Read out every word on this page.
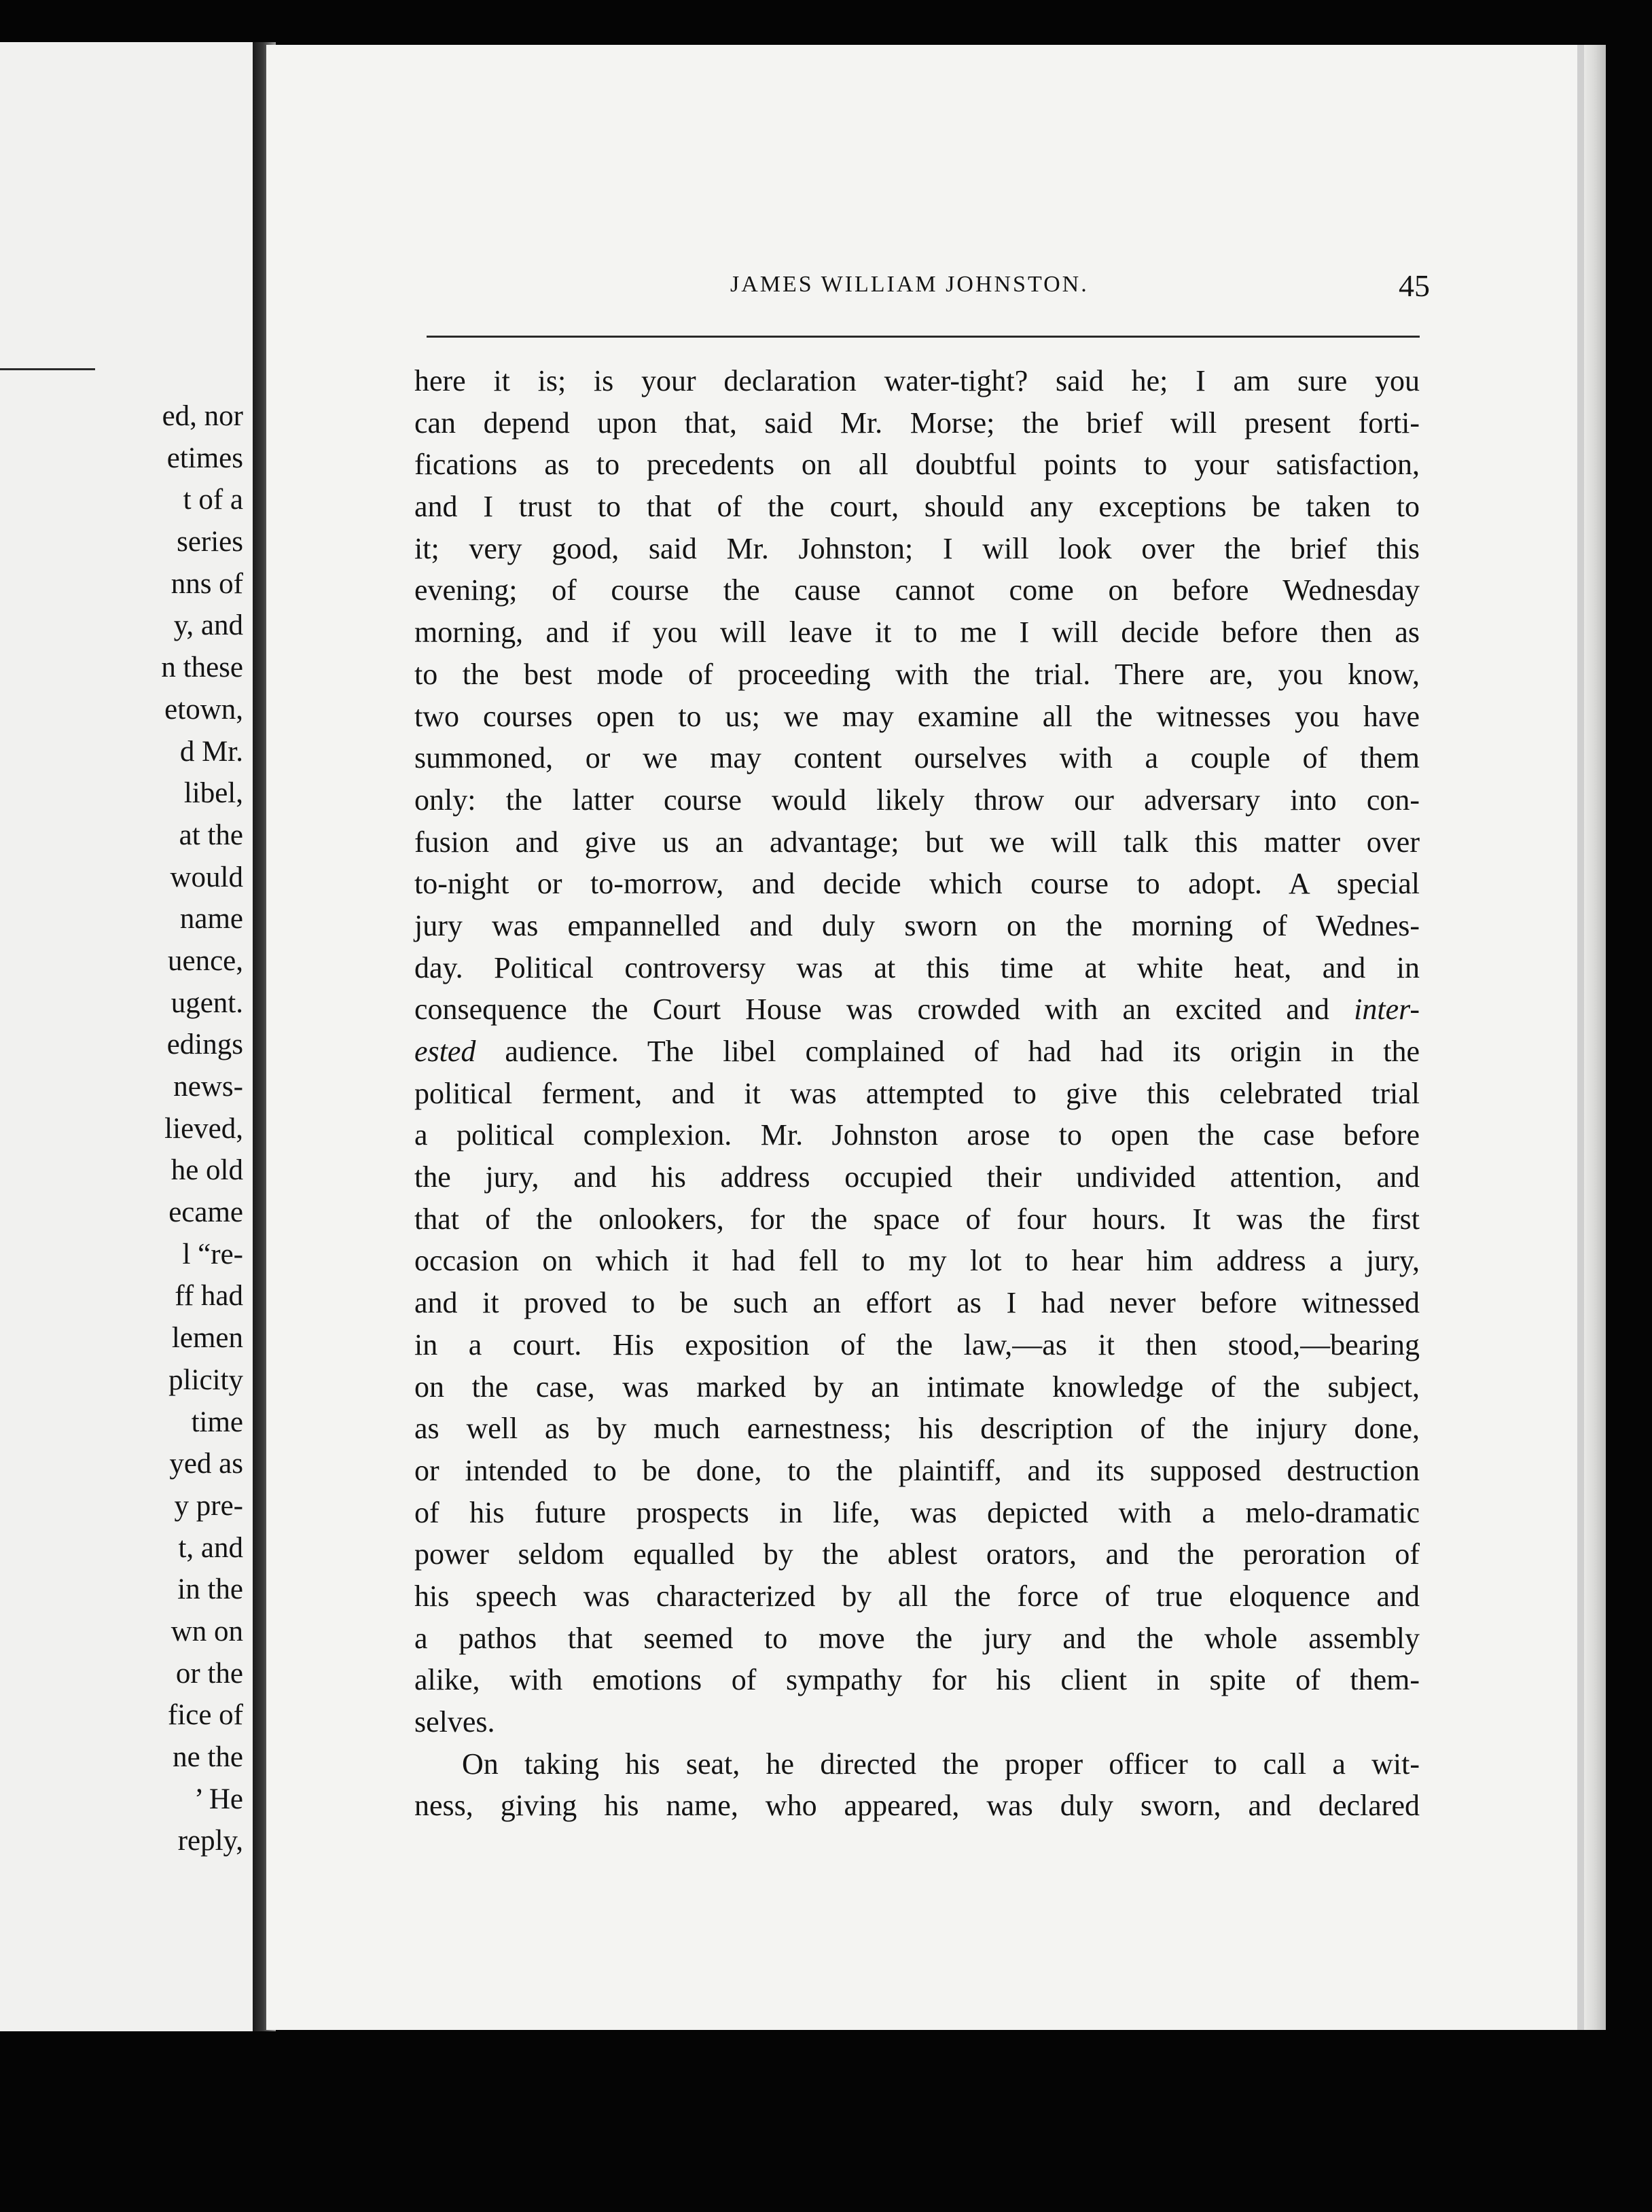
ed, nor
etimes
t of a
series
nns of
y, and
n these
etown,
d Mr.
libel,
at the
would
name
uence,
ugent.
edings
news-
lieved,
he old
ecame
l “re-
ff had
lemen
plicity
time
yed as
y pre-
t, and
in the
wn on
or the
fice of
ne the
’ He
reply,
JAMES WILLIAM JOHNSTON.	45
here it is; is your declaration water-tight? said he; I am sure you
can depend upon that, said Mr. Morse; the brief will present forti-
fications as to precedents on all doubtful points to your satisfaction,
and I trust to that of the court, should any exceptions be taken to
it; very good, said Mr. Johnston; I will look over the brief this
evening; of course the cause cannot come on before Wednesday
morning, and if you will leave it to me I will decide before then as
to the best mode of proceeding with the trial. There are, you know,
two courses open to us; we may examine all the witnesses you have
summoned, or we may content ourselves with a couple of them
only: the latter course would likely throw our adversary into con-
fusion and give us an advantage; but we will talk this matter over
to-night or to-morrow, and decide which course to adopt. A special
jury was empannelled and duly sworn on the morning of Wednes-
day. Political controversy was at this time at white heat, and in
consequence the Court House was crowded with an excited and inter-
ested audience. The libel complained of had had its origin in the
political ferment, and it was attempted to give this celebrated trial
a political complexion. Mr. Johnston arose to open the case before
the jury, and his address occupied their undivided attention, and
that of the onlookers, for the space of four hours. It was the first
occasion on which it had fell to my lot to hear him address a jury,
and it proved to be such an effort as I had never before witnessed
in a court. His exposition of the law,—as it then stood,—bearing
on the case, was marked by an intimate knowledge of the subject,
as well as by much earnestness; his description of the injury done,
or intended to be done, to the plaintiff, and its supposed destruction
of his future prospects in life, was depicted with a melo-dramatic
power seldom equalled by the ablest orators, and the peroration of
his speech was characterized by all the force of true eloquence and
a pathos that seemed to move the jury and the whole assembly
alike, with emotions of sympathy for his client in spite of them-
selves.
On taking his seat, he directed the proper officer to call a wit-
ness, giving his name, who appeared, was duly sworn, and declared
